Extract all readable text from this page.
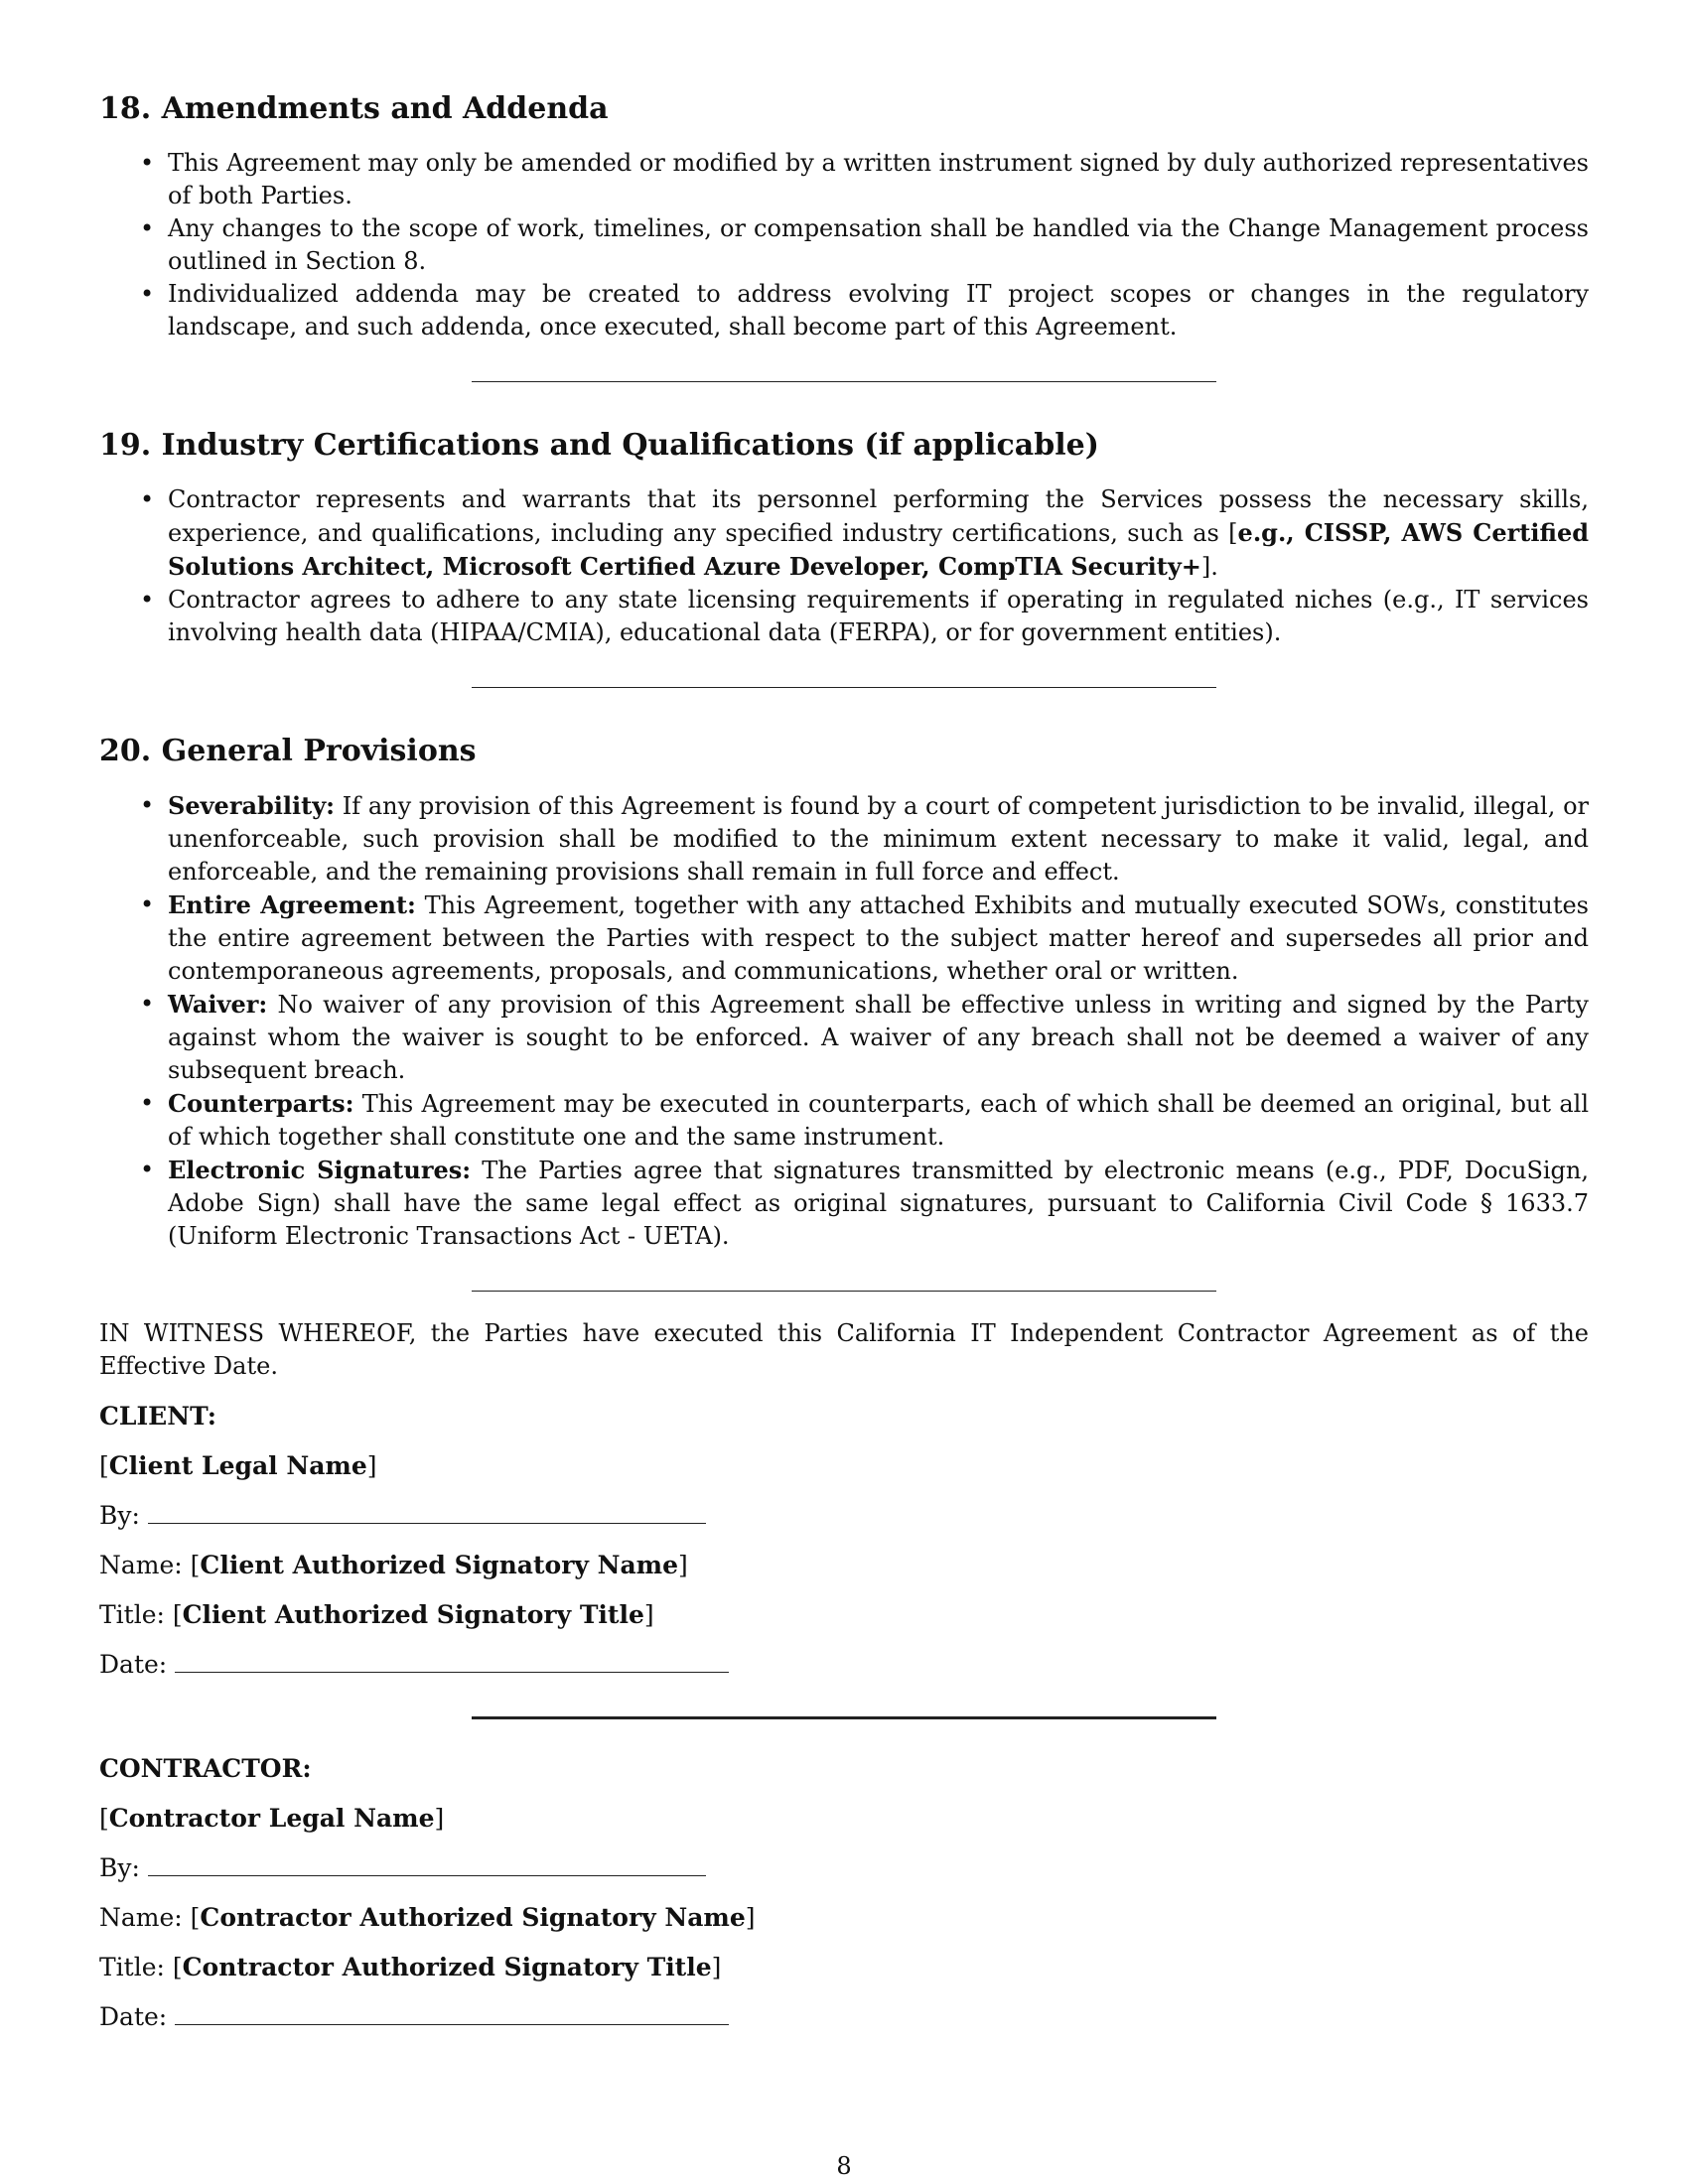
18. Amendments and Addenda
• This Agreement may only be amended or modified by a written instrument signed by duly authorized representatives of both Parties.
• Any changes to the scope of work, timelines, or compensation shall be handled via the Change Management process outlined in Section 8.
• Individualized addenda may be created to address evolving IT project scopes or changes in the regulatory landscape, and such addenda, once executed, shall become part of this Agreement.
19. Industry Certifications and Qualifications (if applicable)
• Contractor represents and warrants that its personnel performing the Services possess the necessary skills, experience, and qualifications, including any specified industry certifications, such as [e.g., CISSP, AWS Certified Solutions Architect, Microsoft Certified Azure Developer, CompTIA Security+].
• Contractor agrees to adhere to any state licensing requirements if operating in regulated niches (e.g., IT services involving health data (HIPAA/CMIA), educational data (FERPA), or for government entities).
20. General Provisions
• Severability: If any provision of this Agreement is found by a court of competent jurisdiction to be invalid, illegal, or unenforceable, such provision shall be modified to the minimum extent necessary to make it valid, legal, and enforceable, and the remaining provisions shall remain in full force and effect.
• Entire Agreement: This Agreement, together with any attached Exhibits and mutually executed SOWs, constitutes the entire agreement between the Parties with respect to the subject matter hereof and supersedes all prior and contemporaneous agreements, proposals, and communications, whether oral or written.
• Waiver: No waiver of any provision of this Agreement shall be effective unless in writing and signed by the Party against whom the waiver is sought to be enforced. A waiver of any breach shall not be deemed a waiver of any subsequent breach.
• Counterparts: This Agreement may be executed in counterparts, each of which shall be deemed an original, but all of which together shall constitute one and the same instrument.
• Electronic Signatures: The Parties agree that signatures transmitted by electronic means (e.g., PDF, DocuSign, Adobe Sign) shall have the same legal effect as original signatures, pursuant to California Civil Code § 1633.7 (Uniform Electronic Transactions Act - UETA).

IN WITNESS WHEREOF, the Parties have executed this California IT Independent Contractor Agreement as of the Effective Date.

CLIENT:
[Client Legal Name]
By:
Name: [Client Authorized Signatory Name]
Title: [Client Authorized Signatory Title]
Date:
CONTRACTOR:
[Contractor Legal Name]
By:
Name: [Contractor Authorized Signatory Name]
Title: [Contractor Authorized Signatory Title]
Date:
8
